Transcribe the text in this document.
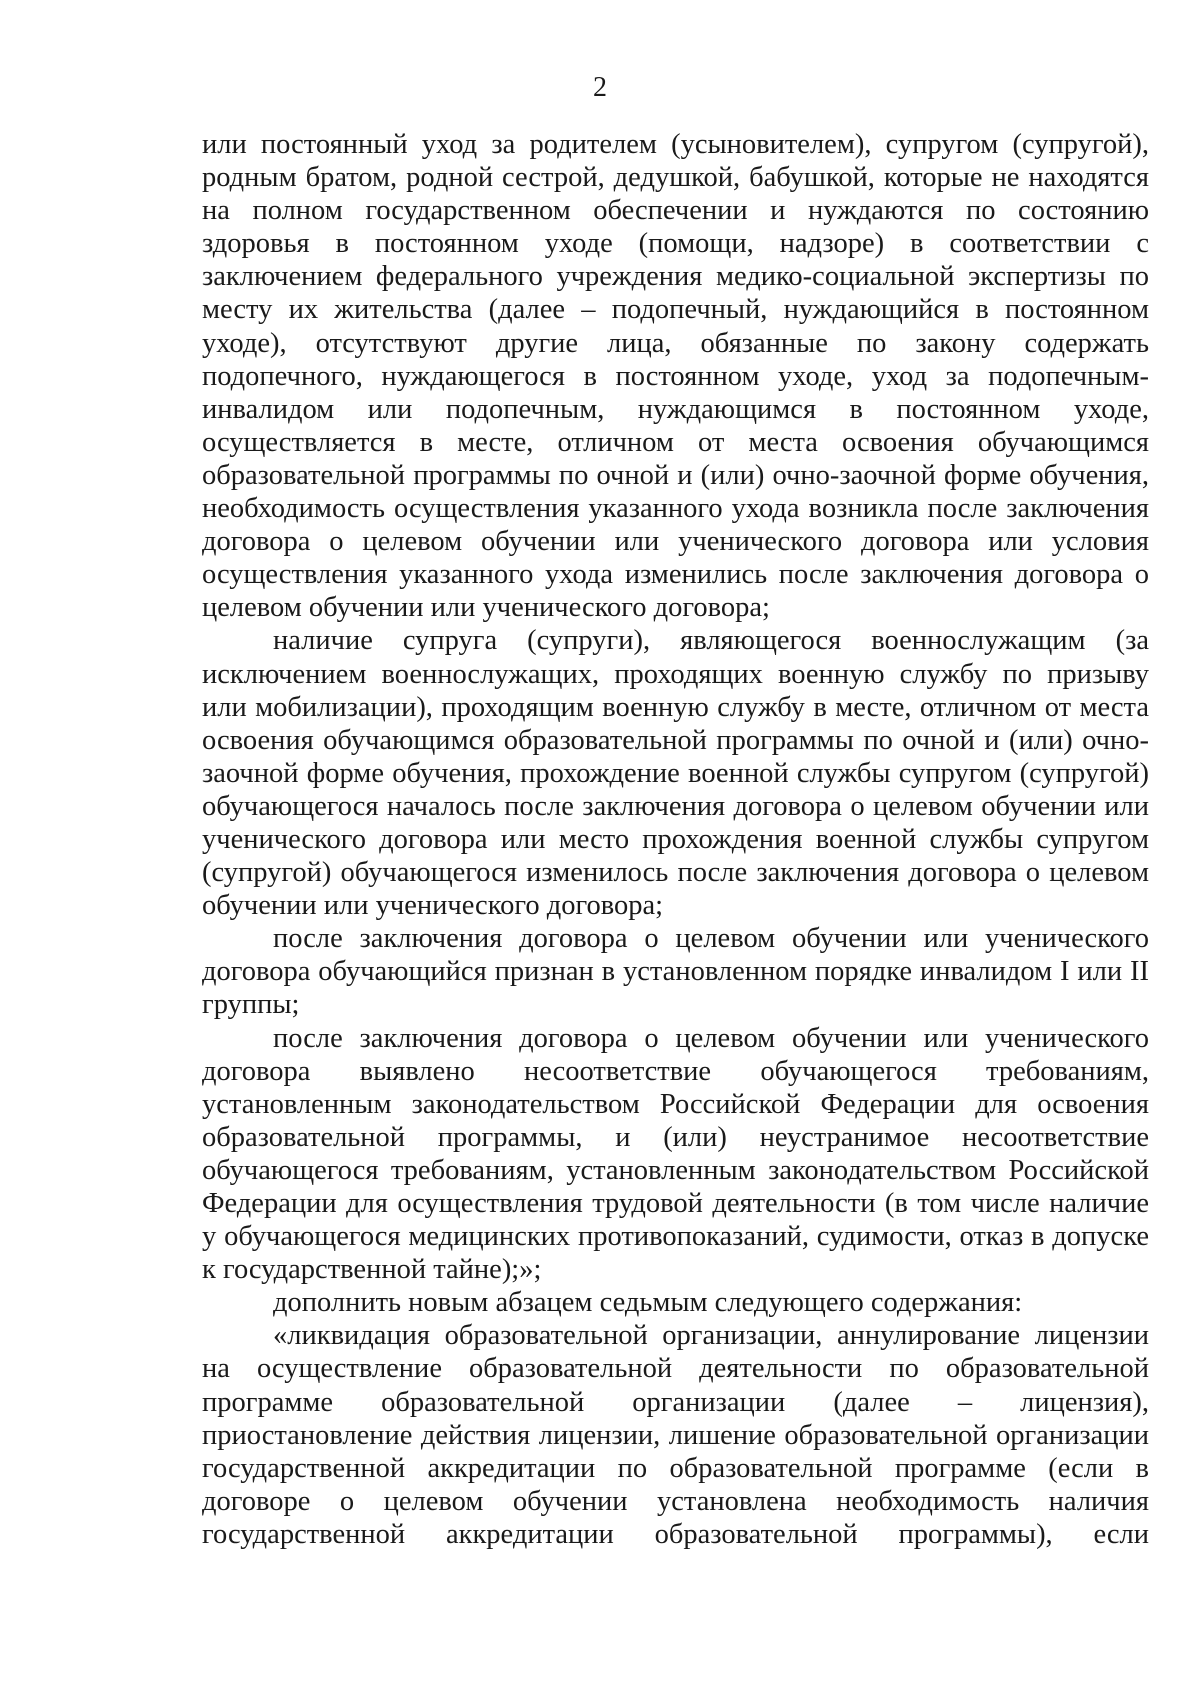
2

или постоянный уход за родителем (усыновителем), супругом (супругой), родным братом, родной сестрой, дедушкой, бабушкой, которые не находятся на полном государственном обеспечении и нуждаются по состоянию здоровья в постоянном уходе (помощи, надзоре) в соответствии с заключением федерального учреждения медико-социальной экспертизы по месту их жительства (далее – подопечный, нуждающийся в постоянном уходе), отсутствуют другие лица, обязанные по закону содержать подопечного, нуждающегося в постоянном уходе, уход за подопечным-инвалидом или подопечным, нуждающимся в постоянном уходе, осуществляется в месте, отличном от места освоения обучающимся образовательной программы по очной и (или) очно-заочной форме обучения, необходимость осуществления указанного ухода возникла после заключения договора о целевом обучении или ученического договора или условия осуществления указанного ухода изменились после заключения договора о целевом обучении или ученического договора;

наличие супруга (супруги), являющегося военнослужащим (за исключением военнослужащих, проходящих военную службу по призыву или мобилизации), проходящим военную службу в месте, отличном от места освоения обучающимся образовательной программы по очной и (или) очно-заочной форме обучения, прохождение военной службы супругом (супругой) обучающегося началось после заключения договора о целевом обучении или ученического договора или место прохождения военной службы супругом (супругой) обучающегося изменилось после заключения договора о целевом обучении или ученического договора;

после заключения договора о целевом обучении или ученического договора обучающийся признан в установленном порядке инвалидом I или II группы;

после заключения договора о целевом обучении или ученического договора выявлено несоответствие обучающегося требованиям, установленным законодательством Российской Федерации для освоения образовательной программы, и (или) неустранимое несоответствие обучающегося требованиям, установленным законодательством Российской Федерации для осуществления трудовой деятельности (в том числе наличие у обучающегося медицинских противопоказаний, судимости, отказ в допуске к государственной тайне);»;

дополнить новым абзацем седьмым следующего содержания:

«ликвидация образовательной организации, аннулирование лицензии на осуществление образовательной деятельности по образовательной программе образовательной организации (далее – лицензия), приостановление действия лицензии, лишение образовательной организации государственной аккредитации по образовательной программе (если в договоре о целевом обучении установлена необходимость наличия государственной аккредитации образовательной программы), если
